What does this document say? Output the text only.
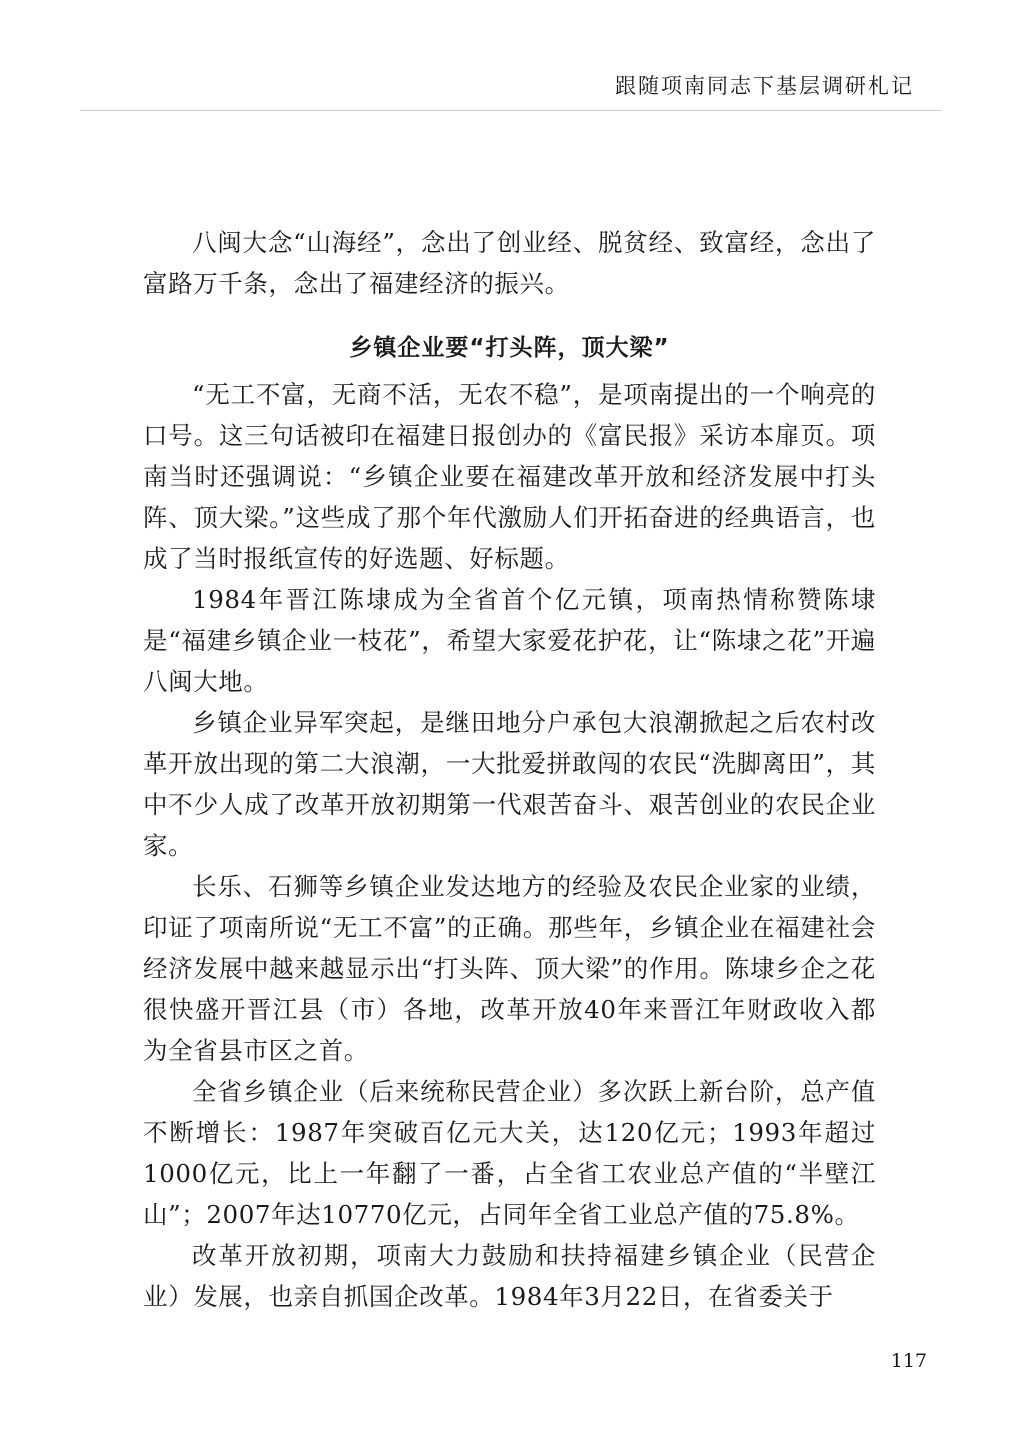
跟随项南同志下基层调研札记

八闽大念“山海经”，念出了创业经、脱贫经、致富经，念出了富路万千条，念出了福建经济的振兴。

乡镇企业要“打头阵，顶大梁”

“无工不富，无商不活，无农不稳”，是项南提出的一个响亮的口号。这三句话被印在福建日报创办的《富民报》采访本扉页。项南当时还强调说：“乡镇企业要在福建改革开放和经济发展中打头阵、顶大梁。”这些成了那个年代激励人们开拓奋进的经典语言，也成了当时报纸宣传的好选题、好标题。

1984年晋江陈埭成为全省首个亿元镇，项南热情称赞陈埭是“福建乡镇企业一枝花”，希望大家爱花护花，让“陈埭之花”开遍八闽大地。

乡镇企业异军突起，是继田地分户承包大浪潮掀起之后农村改革开放出现的第二大浪潮，一大批爱拼敢闯的农民“洗脚离田”，其中不少人成了改革开放初期第一代艰苦奋斗、艰苦创业的农民企业家。

长乐、石狮等乡镇企业发达地方的经验及农民企业家的业绩，印证了项南所说“无工不富”的正确。那些年，乡镇企业在福建社会经济发展中越来越显示出“打头阵、顶大梁”的作用。陈埭乡企之花很快盛开晋江县（市）各地，改革开放40年来晋江年财政收入都为全省县市区之首。

全省乡镇企业（后来统称民营企业）多次跃上新台阶，总产值不断增长：1987年突破百亿元大关，达120亿元；1993年超过1000亿元，比上一年翻了一番，占全省工农业总产值的“半壁江山”；2007年达10770亿元，占同年全省工业总产值的75.8%。

改革开放初期，项南大力鼓励和扶持福建乡镇企业（民营企业）发展，也亲自抓国企改革。1984年3月22日，在省委关于

117
